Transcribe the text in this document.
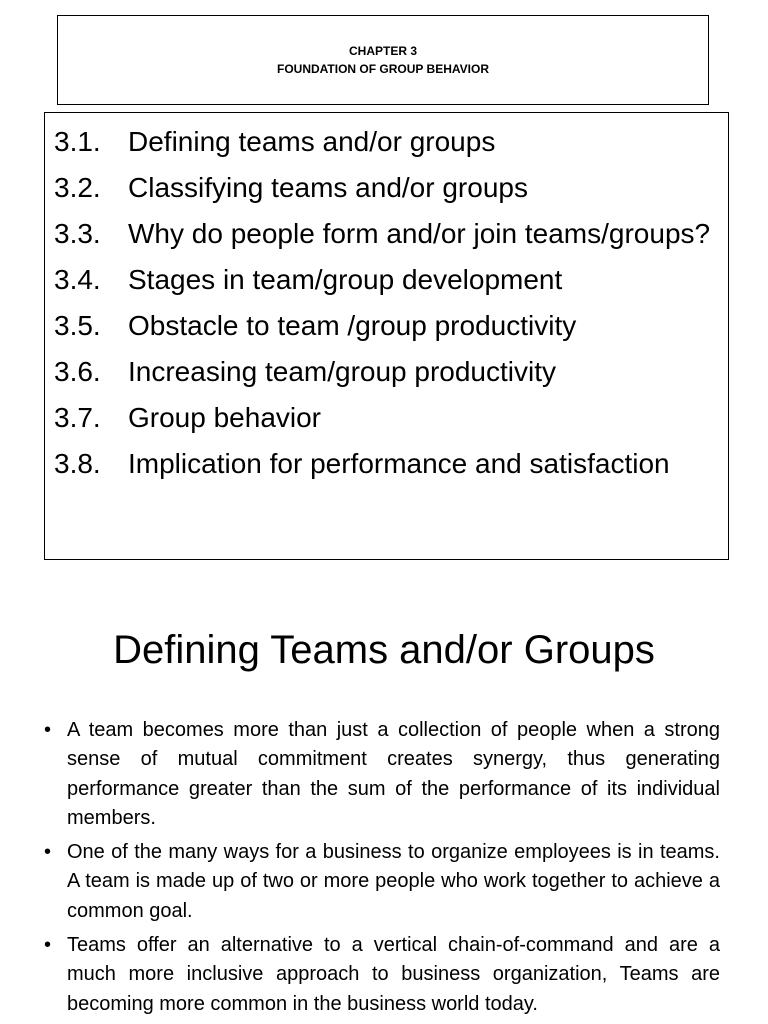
CHAPTER 3
FOUNDATION OF GROUP BEHAVIOR
3.1. Defining teams and/or groups
3.2. Classifying teams and/or groups
3.3. Why do people form and/or join teams/groups?
3.4. Stages in team/group development
3.5. Obstacle to team /group productivity
3.6. Increasing team/group productivity
3.7. Group behavior
3.8. Implication for performance and satisfaction
Defining Teams and/or Groups
• A team becomes more than just a collection of people when a strong sense of mutual commitment creates synergy, thus generating performance greater than the sum of the performance of its individual members.
• One of the many ways for a business to organize employees is in teams. A team is made up of two or more people who work together to achieve a common goal.
• Teams offer an alternative to a vertical chain-of-command and are a much more inclusive approach to business organization, Teams are becoming more common in the business world today.
